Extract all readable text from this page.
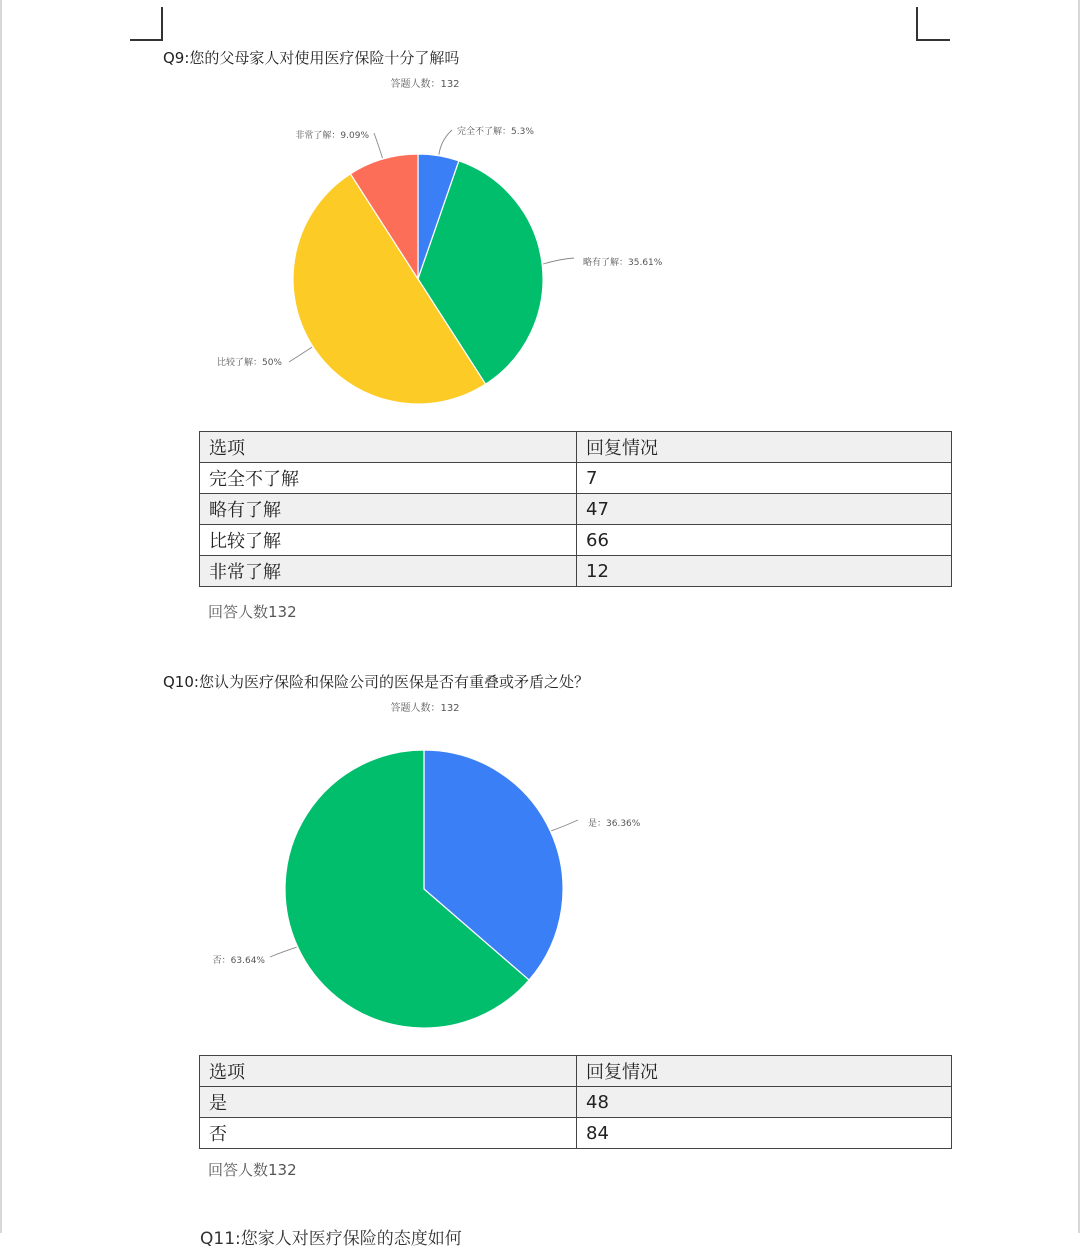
Q9:您的父母家人对使用医疗保险十分了解吗
答题人数：132
完全不了解：5.3%
略有了解：35.61%
比较了解：50%
非常了解：9.09%
选项	回复情况
完全不了解	7
略有了解	47
比较了解	66
非常了解	12
回答人数132
Q10:您认为医疗保险和保险公司的医保是否有重叠或矛盾之处？
答题人数：132
是：36.36%
否：63.64%
选项	回复情况
是	48
否	84
回答人数132
Q11:您家人对医疗保险的态度如何
